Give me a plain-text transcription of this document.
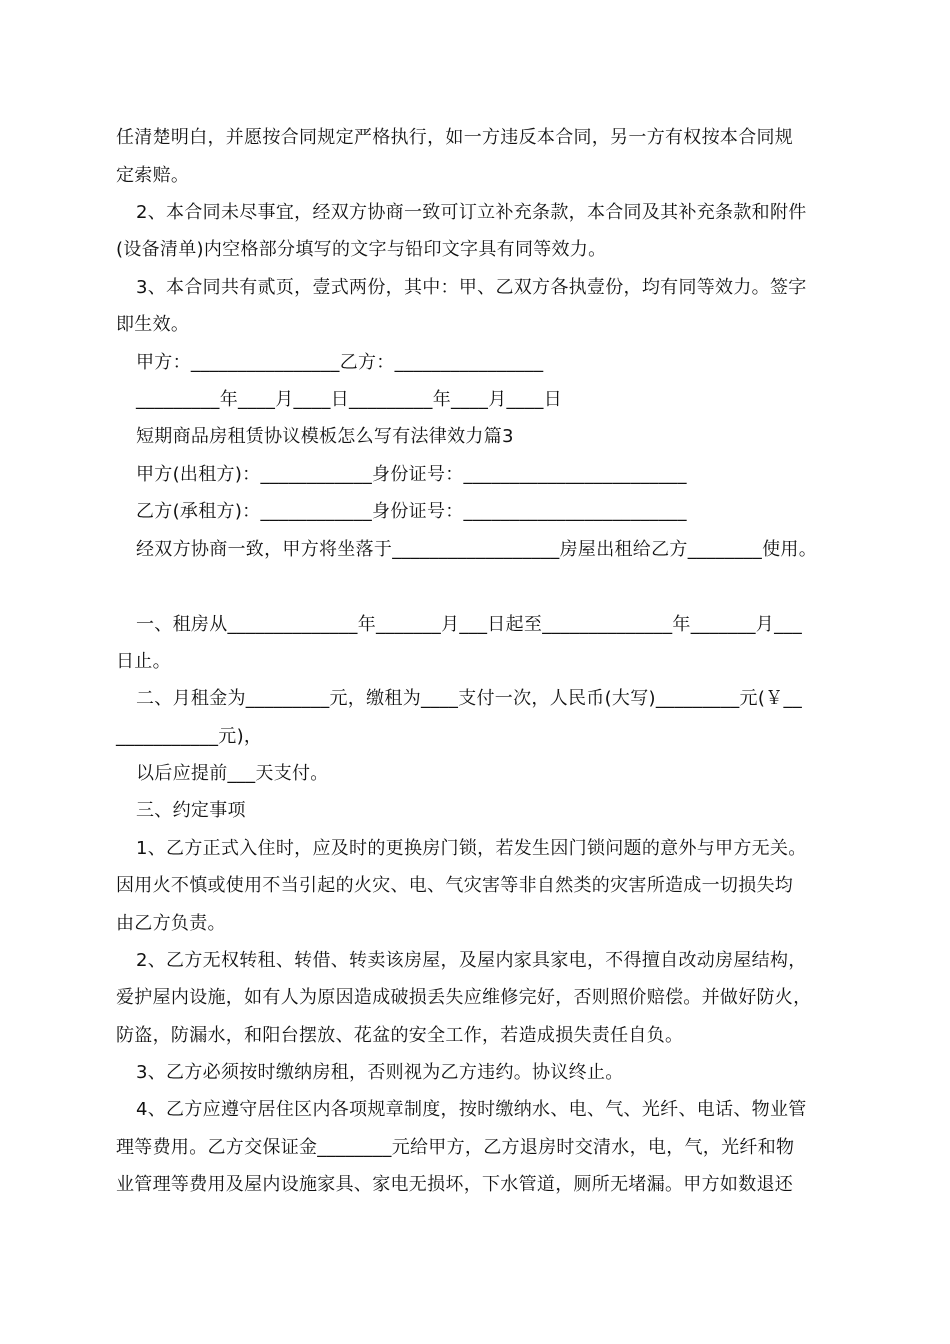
任清楚明白，并愿按合同规定严格执行，如一方违反本合同，另一方有权按本合同规
定索赔。
2、本合同未尽事宜，经双方协商一致可订立补充条款，本合同及其补充条款和附件
(设备清单)内空格部分填写的文字与铅印文字具有同等效力。
3、本合同共有贰页，壹式两份，其中：甲、乙双方各执壹份，均有同等效力。签字
即生效。
甲方：________________乙方：________________
_________年____月____日_________年____月____日
短期商品房租赁协议模板怎么写有法律效力篇3
甲方(出租方)：____________身份证号：________________________
乙方(承租方)：____________身份证号：________________________
经双方协商一致，甲方将坐落于__________________房屋出租给乙方________使用。
一、租房从______________年_______月___日起至______________年_______月___
日止。
二、月租金为_________元，缴租为____支付一次，人民币(大写)_________元(￥__
___________元)，
以后应提前___天支付。
三、约定事项
1、乙方正式入住时，应及时的更换房门锁，若发生因门锁问题的意外与甲方无关。
因用火不慎或使用不当引起的火灾、电、气灾害等非自然类的灾害所造成一切损失均
由乙方负责。
2、乙方无权转租、转借、转卖该房屋，及屋内家具家电，不得擅自改动房屋结构，
爱护屋内设施，如有人为原因造成破损丢失应维修完好，否则照价赔偿。并做好防火，
防盗，防漏水，和阳台摆放、花盆的安全工作，若造成损失责任自负。
3、乙方必须按时缴纳房租，否则视为乙方违约。协议终止。
4、乙方应遵守居住区内各项规章制度，按时缴纳水、电、气、光纤、电话、物业管
理等费用。乙方交保证金________元给甲方，乙方退房时交清水，电，气，光纤和物
业管理等费用及屋内设施家具、家电无损坏，下水管道，厕所无堵漏。甲方如数退还
